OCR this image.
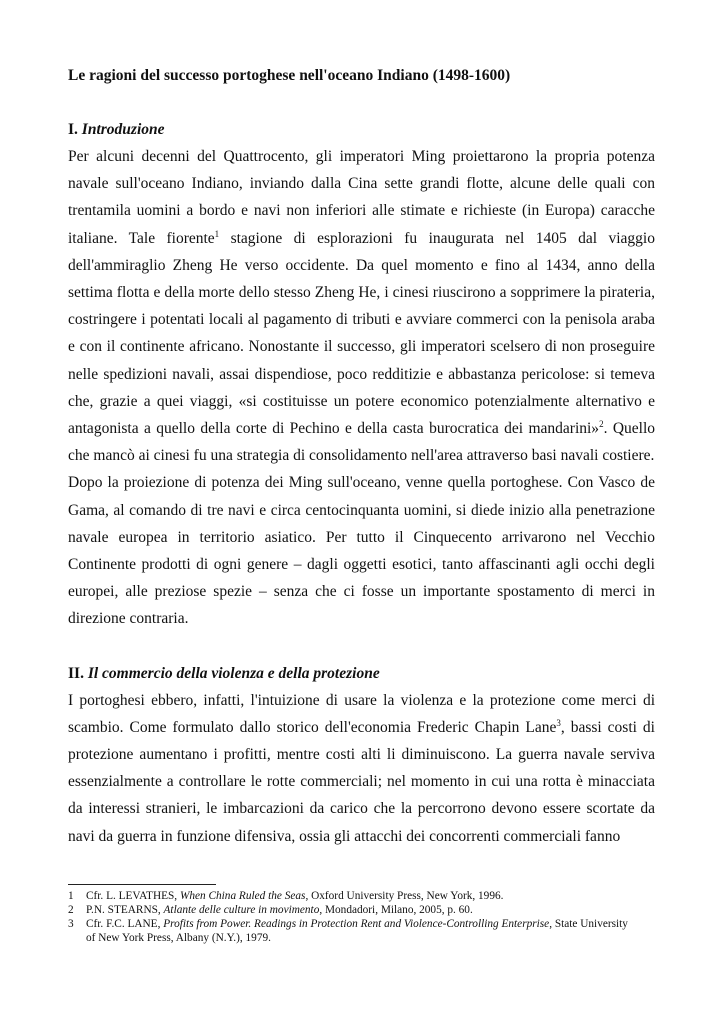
Le ragioni del successo portoghese nell'oceano Indiano (1498-1600)
I. Introduzione

Per alcuni decenni del Quattrocento, gli imperatori Ming proiettarono la propria potenza navale sull'oceano Indiano, inviando dalla Cina sette grandi flotte, alcune delle quali con trentamila uomini a bordo e navi non inferiori alle stimate e richieste (in Europa) caracche italiane. Tale fiorente$^1$ stagione di esplorazioni fu inaugurata nel 1405 dal viaggio dell'ammiraglio Zheng He verso occidente. Da quel momento e fino al 1434, anno della settima flotta e della morte dello stesso Zheng He, i cinesi riuscirono a sopprimere la pirateria, costringere i potentati locali al pagamento di tributi e avviare commerci con la penisola araba e con il continente africano. Nonostante il successo, gli imperatori scelsero di non proseguire nelle spedizioni navali, assai dispendiose, poco redditizie e abbastanza pericolose: si temeva che, grazie a quei viaggi, «si costituisse un potere economico potenzialmente alternativo e antagonista a quello della corte di Pechino e della casta burocratica dei mandarini»$^2$. Quello che mancò ai cinesi fu una strategia di consolidamento nell'area attraverso basi navali costiere.

Dopo la proiezione di potenza dei Ming sull'oceano, venne quella portoghese. Con Vasco de Gama, al comando di tre navi e circa centocinquanta uomini, si diede inizio alla penetrazione navale europea in territorio asiatico. Per tutto il Cinquecento arrivarono nel Vecchio Continente prodotti di ogni genere – dagli oggetti esotici, tanto affascinanti agli occhi degli europei, alle preziose spezie – senza che ci fosse un importante spostamento di merci in direzione contraria.

II. Il commercio della violenza e della protezione

I portoghesi ebbero, infatti, l'intuizione di usare la violenza e la protezione come merci di scambio. Come formulato dallo storico dell'economia Frederic Chapin Lane$^3$, bassi costi di protezione aumentano i profitti, mentre costi alti li diminuiscono. La guerra navale serviva essenzialmente a controllare le rotte commerciali; nel momento in cui una rotta è minacciata da interessi stranieri, le imbarcazioni da carico che la percorrono devono essere scortate da navi da guerra in funzione difensiva, ossia gli attacchi dei concorrenti commerciali fanno

1	Cfr. L. LEVATHES, When China Ruled the Seas, Oxford University Press, New York, 1996.
2	P.N. STEARNS, Atlante delle culture in movimento, Mondadori, Milano, 2005, p. 60.
3	Cfr. F.C. LANE, Profits from Power. Readings in Protection Rent and Violence-Controlling Enterprise, State University of New York Press, Albany (N.Y.), 1979.
